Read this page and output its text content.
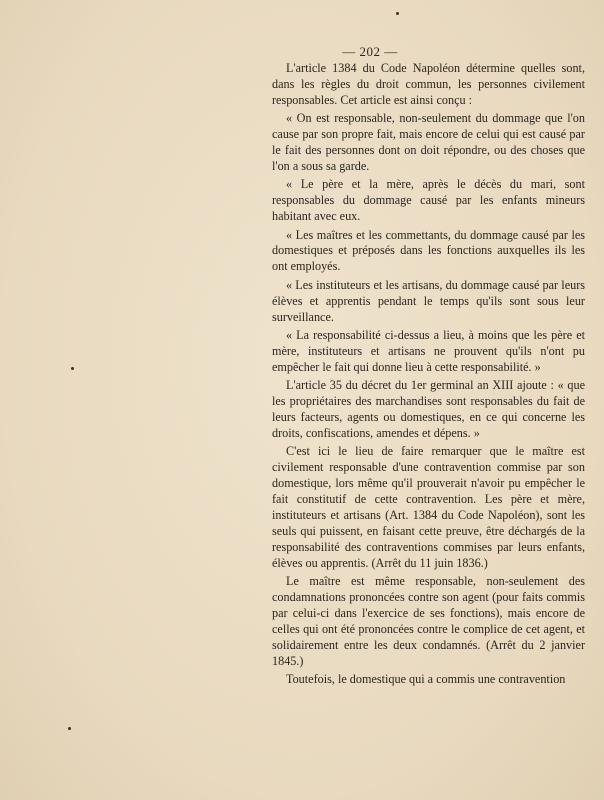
— 202 —

L'article 1384 du Code Napoléon détermine quelles sont, dans les règles du droit commun, les personnes civilement responsables. Cet article est ainsi conçu :

« On est responsable, non-seulement du dommage que l'on cause par son propre fait, mais encore de celui qui est causé par le fait des personnes dont on doit répondre, ou des choses que l'on a sous sa garde.

« Le père et la mère, après le décès du mari, sont responsables du dommage causé par les enfants mineurs habitant avec eux.

« Les maîtres et les commettants, du dommage causé par les domestiques et préposés dans les fonctions auxquelles ils les ont employés.

« Les instituteurs et les artisans, du dommage causé par leurs élèves et apprentis pendant le temps qu'ils sont sous leur surveillance.

« La responsabilité ci-dessus a lieu, à moins que les père et mère, instituteurs et artisans ne prouvent qu'ils n'ont pu empêcher le fait qui donne lieu à cette responsabilité. »

L'article 35 du décret du 1er germinal an XIII ajoute : « que les propriétaires des marchandises sont responsables du fait de leurs facteurs, agents ou domestiques, en ce qui concerne les droits, confiscations, amendes et dépens. »

C'est ici le lieu de faire remarquer que le maître est civilement responsable d'une contravention commise par son domestique, lors même qu'il prouverait n'avoir pu empêcher le fait constitutif de cette contravention. Les père et mère, instituteurs et artisans (Art. 1384 du Code Napoléon), sont les seuls qui puissent, en faisant cette preuve, être déchargés de la responsabilité des contraventions commises par leurs enfants, élèves ou apprentis. (Arrêt du 11 juin 1836.)

Le maître est même responsable, non-seulement des condamnations prononcées contre son agent (pour faits commis par celui-ci dans l'exercice de ses fonctions), mais encore de celles qui ont été prononcées contre le complice de cet agent, et solidairement entre les deux condamnés. (Arrêt du 2 janvier 1845.)

Toutefois, le domestique qui a commis une contravention
